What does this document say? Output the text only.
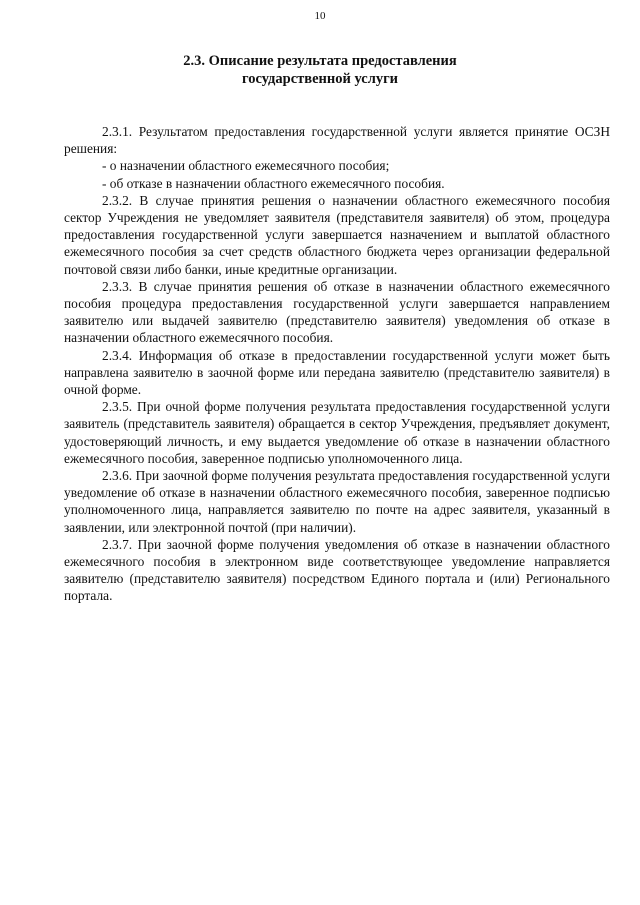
10
2.3. Описание результата предоставления
государственной услуги

2.3.1. Результатом предоставления государственной услуги является принятие ОСЗН решения:

- о назначении областного ежемесячного пособия;

- об отказе в назначении областного ежемесячного пособия.

2.3.2. В случае принятия решения о назначении областного ежемесячного пособия сектор Учреждения не уведомляет заявителя (представителя заявителя) об этом, процедура предоставления государственной услуги завершается назначением и выплатой областного ежемесячного пособия за счет средств областного бюджета через организации федеральной почтовой связи либо банки, иные кредитные организации.

2.3.3. В случае принятия решения об отказе в назначении областного ежемесячного пособия процедура предоставления государственной услуги завершается направлением заявителю или выдачей заявителю (представителю заявителя) уведомления об отказе в назначении областного ежемесячного пособия.

2.3.4. Информация об отказе в предоставлении государственной услуги может быть направлена заявителю в заочной форме или передана заявителю (представителю заявителя) в очной форме.

2.3.5. При очной форме получения результата предоставления государственной услуги заявитель (представитель заявителя) обращается в сектор Учреждения, предъявляет документ, удостоверяющий личность, и ему выдается уведомление об отказе в назначении областного ежемесячного пособия, заверенное подписью уполномоченного лица.

2.3.6. При заочной форме получения результата предоставления государственной услуги уведомление об отказе в назначении областного ежемесячного пособия, заверенное подписью уполномоченного лица, направляется заявителю по почте на адрес заявителя, указанный в заявлении, или электронной почтой (при наличии).

2.3.7. При заочной форме получения уведомления об отказе в назначении областного ежемесячного пособия в электронном виде соответствующее уведомление направляется заявителю (представителю заявителя) посредством Единого портала и (или) Регионального портала.
